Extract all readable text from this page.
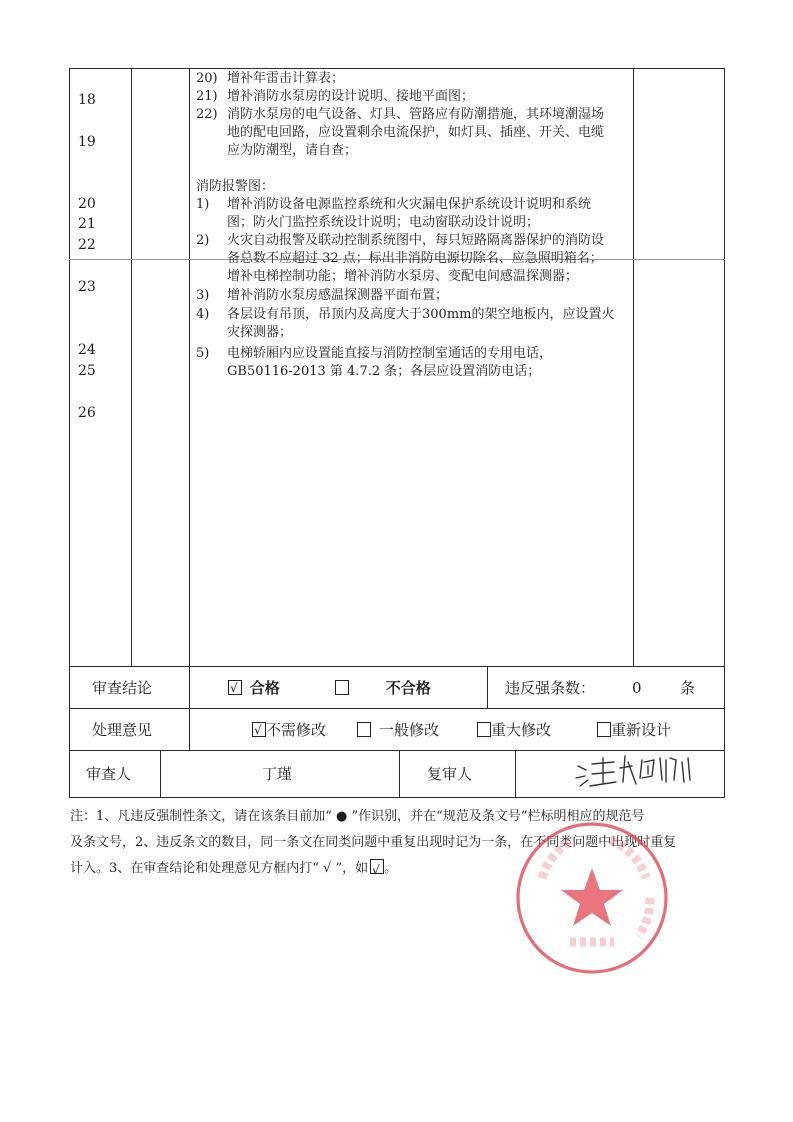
18
19
20
21
22
23
24
25
26
20) 增补年雷击计算表；
21) 增补消防水泵房的设计说明、接地平面图；
22) 消防水泵房的电气设备、灯具、管路应有防潮措施，其环境潮湿场
地的配电回路，应设置剩余电流保护，如灯具、插座、开关、电缆
应为防潮型，请自查；
消防报警图：
1) 增补消防设备电源监控系统和火灾漏电保护系统设计说明和系统
图；防火门监控系统设计说明；电动窗联动设计说明；
2) 火灾自动报警及联动控制系统图中，每只短路隔离器保护的消防设
备总数不应超过 32 点；标出非消防电源切除名、应急照明箱名；
增补电梯控制功能；增补消防水泵房、变配电间感温探测器；
3) 增补消防水泵房感温探测器平面布置；
4) 各层设有吊顶，吊顶内及高度大于300mm的架空地板内，应设置火
灾探测器；
5) 电梯轿厢内应设置能直接与消防控制室通话的专用电话，
GB50116-2013 第 4.7.2 条；各层应设置消防电话；
审查结论 √	合格	不合格	违反强条数： 0	条
处理意见 √	不需修改	一般修改	重大修改	重新设计
审查人	丁瑾	复审人
注：1、凡违反强制性条文，请在该条目前加“ ● ”作识别，并在“规范及条文号”栏标明相应的规范号
及条文号，2、违反条文的数目，同一条文在同类问题中重复出现时记为一条，在不同类问题中出现时重复
计入。3、在审查结论和处理意见方框内打“ √ ”，如 √ 。
